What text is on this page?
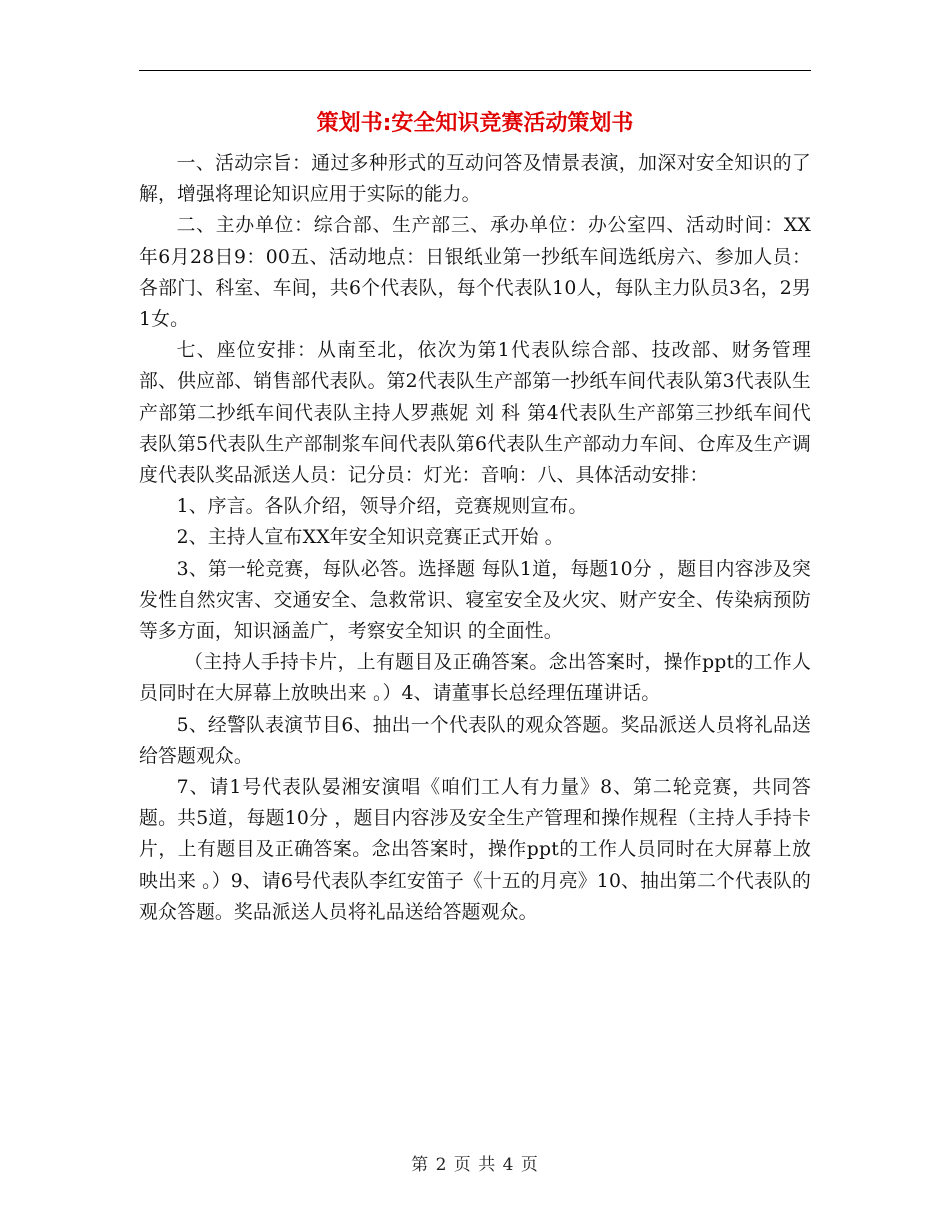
策划书:安全知识竞赛活动策划书

一、活动宗旨：通过多种形式的互动问答及情景表演，加深对安全知识的了解，增强将理论知识应用于实际的能力。

二、主办单位：综合部、生产部三、承办单位：办公室四、活动时间：XX年6月28日9：00五、活动地点：日银纸业第一抄纸车间选纸房六、参加人员：各部门、科室、车间，共6个代表队，每个代表队10人，每队主力队员3名，2男1女。

七、座位安排：从南至北，依次为第1代表队综合部、技改部、财务管理部、供应部、销售部代表队。第2代表队生产部第一抄纸车间代表队第3代表队生产部第二抄纸车间代表队主持人罗燕妮 刘 科 第4代表队生产部第三抄纸车间代表队第5代表队生产部制浆车间代表队第6代表队生产部动力车间、仓库及生产调度代表队奖品派送人员：记分员：灯光：音响：八、具体活动安排：

1、序言。各队介绍，领导介绍，竞赛规则宣布。

2、主持人宣布XX年安全知识竞赛正式开始 。

3、第一轮竞赛，每队必答。选择题 每队1道，每题10分 ，题目内容涉及突发性自然灾害、交通安全、急救常识、寝室安全及火灾、财产安全、传染病预防等多方面，知识涵盖广，考察安全知识 的全面性。

（主持人手持卡片，上有题目及正确答案。念出答案时，操作ppt的工作人员同时在大屏幕上放映出来 。）4、请董事长总经理伍瑾讲话。

5、经警队表演节目6、抽出一个代表队的观众答题。奖品派送人员将礼品送给答题观众。

7、请1号代表队晏湘安演唱《咱们工人有力量》8、第二轮竞赛，共同答题。共5道，每题10分 ，题目内容涉及安全生产管理和操作规程（主持人手持卡片，上有题目及正确答案。念出答案时，操作ppt的工作人员同时在大屏幕上放映出来 。）9、请6号代表队李红安笛子《十五的月亮》10、抽出第二个代表队的观众答题。奖品派送人员将礼品送给答题观众。

第 2 页 共 4 页
